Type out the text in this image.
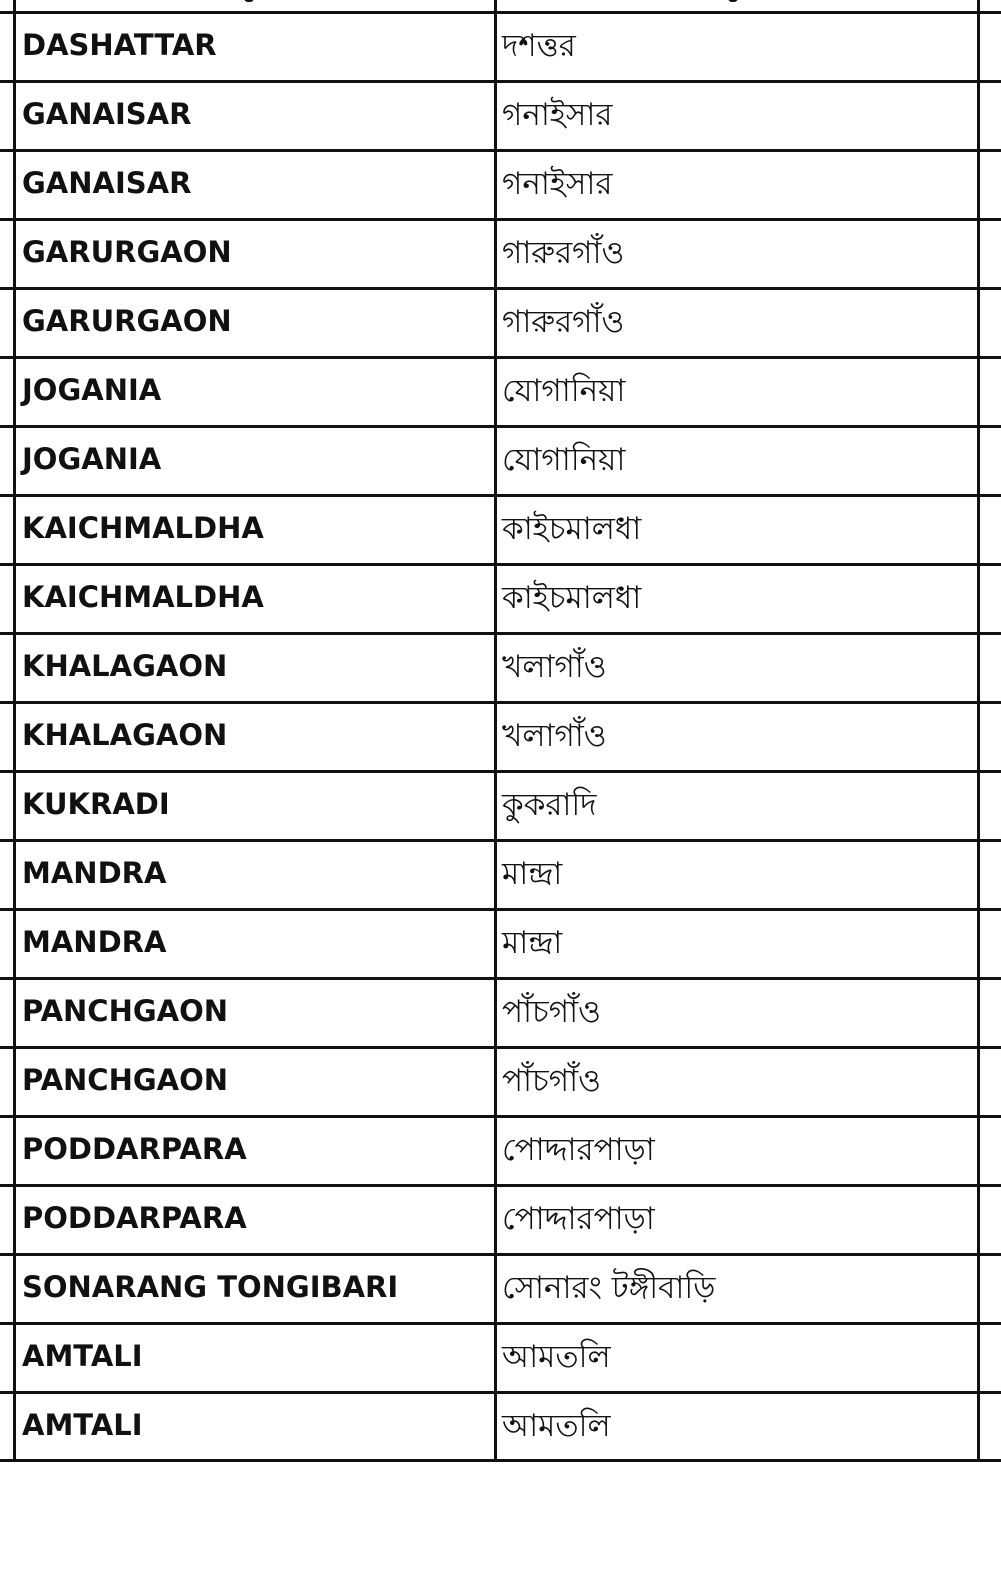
DASHATTAR	দশত্তর
GANAISAR	গনাইসার
GANAISAR	গনাইসার
GARURGAON	গারুরগাঁও
GARURGAON	গারুরগাঁও
JOGANIA	যোগানিয়া
JOGANIA	যোগানিয়া
KAICHMALDHA	কাইচমালধা
KAICHMALDHA	কাইচমালধা
KHALAGAON	খলাগাঁও
KHALAGAON	খলাগাঁও
KUKRADI	কুকরাদি
MANDRA	মান্দ্রা
MANDRA	মান্দ্রা
PANCHGAON	পাঁচগাঁও
PANCHGAON	পাঁচগাঁও
PODDARPARA	পোদ্দারপাড়া
PODDARPARA	পোদ্দারপাড়া
SONARANG TONGIBARI	সোনারং টঙ্গীবাড়ি
AMTALI	আমতলি
AMTALI	আমতলি
